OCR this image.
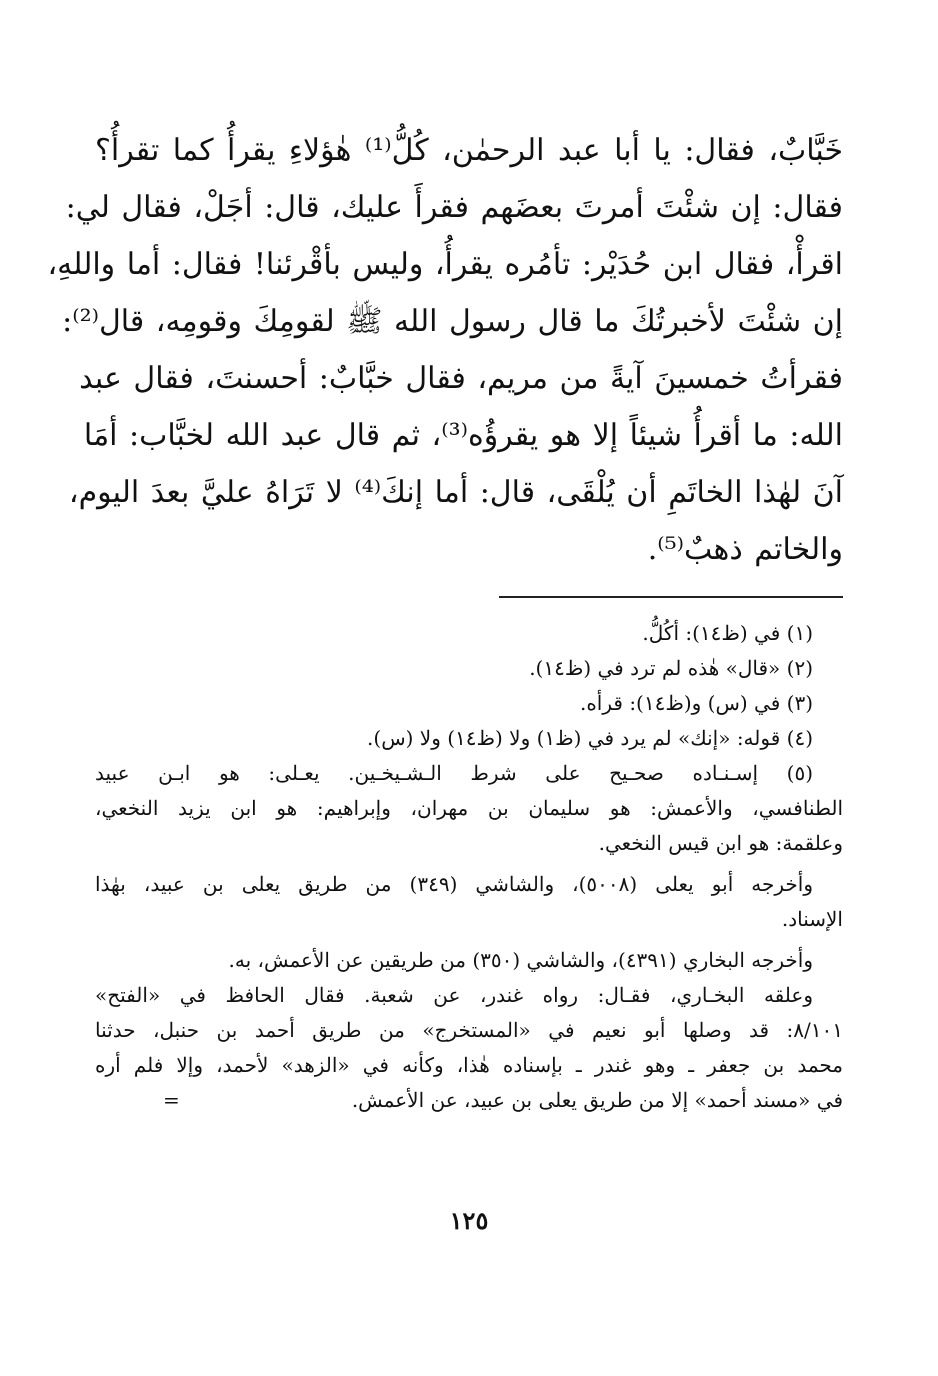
خَبَّابٌ، فقال: يا أبا عبد الرحمٰن، كُلُّ⁽¹⁾ هٰؤلاءِ يقرأُ كما تقرأُ؟
فقال: إن شئْتَ أمرتَ بعضَهم فقرأَ عليك، قال: أجَلْ، فقال لي:
اقرأْ، فقال ابن حُدَيْر: تأمُره يقرأُ، وليس بأقْرئنا! فقال: أما واللهِ،
إن شئْتَ لأخبرتُكَ ما قال رسول الله ﷺ لقومِكَ وقومِه، قال⁽²⁾:
فقرأتُ خمسينَ آيةً من مريم، فقال خبَّابٌ: أحسنتَ، فقال عبد
الله: ما أقرأُ شيئاً إلا هو يقرؤُه⁽³⁾، ثم قال عبد الله لخبَّاب: أمَا
آنَ لهٰذا الخاتَمِ أن يُلْقَى، قال: أما إنكَ⁽⁴⁾ لا تَرَاهُ عليَّ بعدَ اليوم،
والخاتم ذهبٌ⁽⁵⁾.
(١) في (ظ١٤): أكُلُّ.
(٢) «قال» هٰذه لم ترد في (ظ١٤).
(٣) في (س) و(ظ١٤): قرأه.
(٤) قوله: «إنك» لم يرد في (ظ١) ولا (ظ١٤) ولا (س).
(٥) إسـنـاده صحـيح على شرط الـشـيخـين. يعـلى: هو ابـن عبيد
الطنافسي، والأعمش: هو سليمان بن مهران، وإبراهيم: هو ابن يزيد النخعي،
وعلقمة: هو ابن قيس النخعي.
وأخرجه أبو يعلى (٥٠٠٨)، والشاشي (٣٤٩) من طريق يعلى بن عبيد، بهٰذا
الإسناد.
وأخرجه البخاري (٤٣٩١)، والشاشي (٣٥٠) من طريقين عن الأعمش، به.
وعلقه البخـاري، فقـال: رواه غندر، عن شعبة. فقال الحافظ في «الفتح»
٨/١٠١: قد وصلها أبو نعيم في «المستخرج» من طريق أحمد بن حنبل، حدثنا
محمد بن جعفر ـ وهو غندر ـ بإسناده هٰذا، وكأنه في «الزهد» لأحمد، وإلا فلم أره
في «مسند أحمد» إلا من طريق يعلى بن عبيد، عن الأعمش.
=
١٢٥
